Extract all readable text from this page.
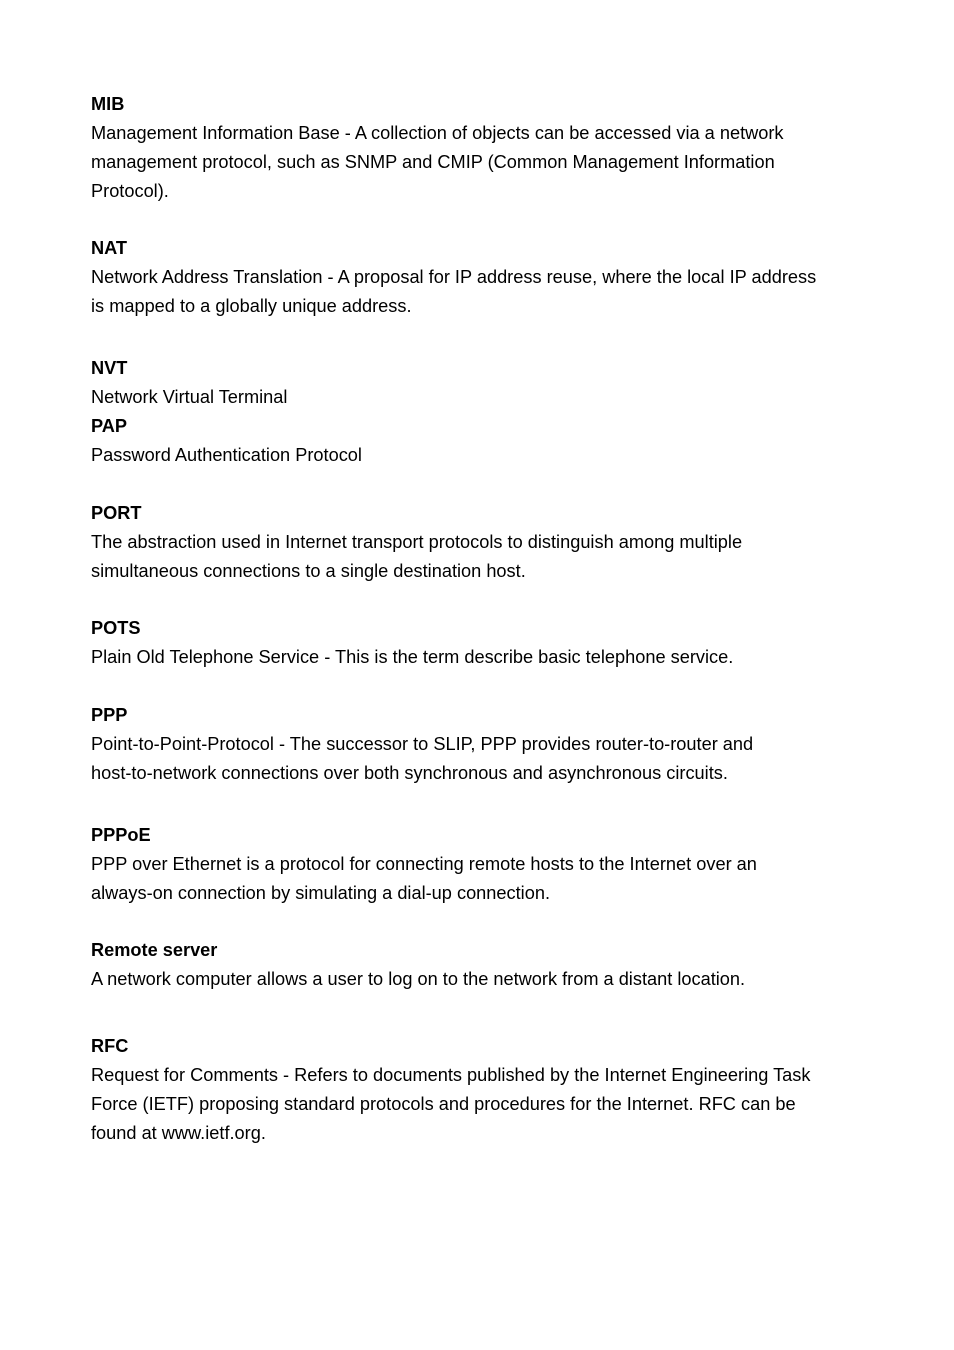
MIB
Management Information Base - A collection of objects can be accessed via a network
management protocol, such as SNMP and CMIP (Common Management Information
Protocol).
NAT
Network Address Translation - A proposal for IP address reuse, where the local IP address
is mapped to a globally unique address.
NVT
Network Virtual Terminal
PAP
Password Authentication Protocol
PORT
The abstraction used in Internet transport protocols to distinguish among multiple
simultaneous connections to a single destination host.
POTS
Plain Old Telephone Service - This is the term describe basic telephone service.
PPP
Point-to-Point-Protocol - The successor to SLIP, PPP provides router-to-router and
host-to-network connections over both synchronous and asynchronous circuits.
PPPoE
PPP over Ethernet is a protocol for connecting remote hosts to the Internet over an
always-on connection by simulating a dial-up connection.
Remote server
A network computer allows a user to log on to the network from a distant location.
RFC
Request for Comments - Refers to documents published by the Internet Engineering Task
Force (IETF) proposing standard protocols and procedures for the Internet. RFC can be
found at www.ietf.org.
